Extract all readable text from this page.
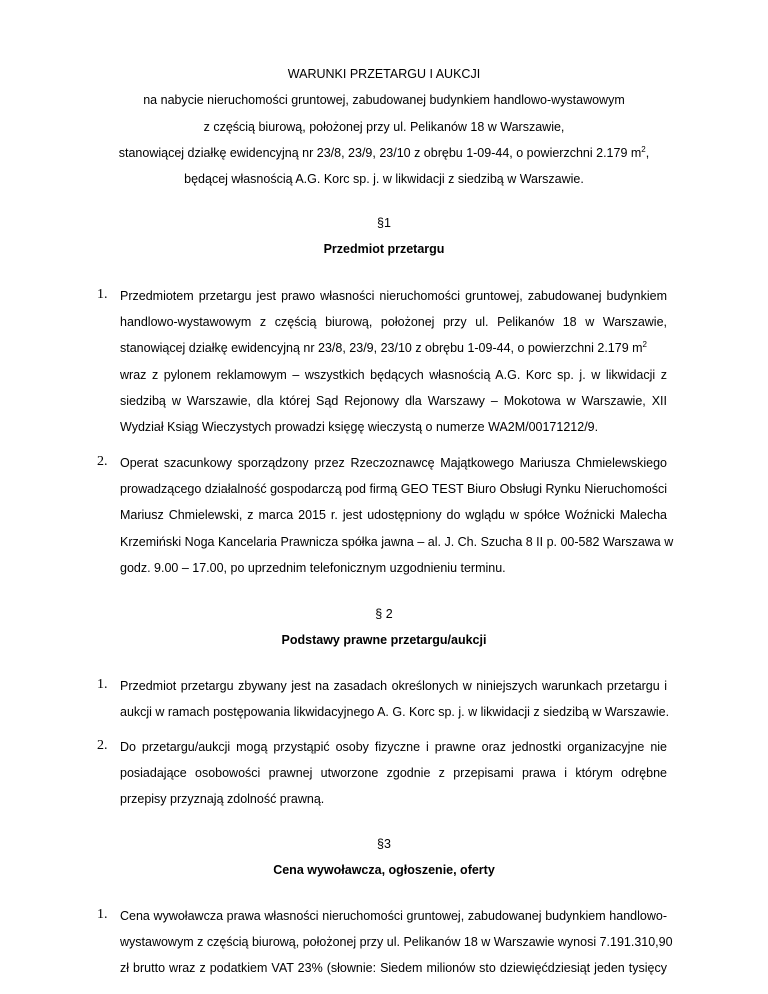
WARUNKI PRZETARGU I AUKCJI
na nabycie nieruchomości gruntowej, zabudowanej budynkiem handlowo-wystawowym
z częścią biurową, położonej przy ul. Pelikanów 18 w Warszawie,
stanowiącej działkę ewidencyjną nr 23/8, 23/9, 23/10 z obrębu 1-09-44, o powierzchni 2.179 $m^2$,
będącej własnością A.G. Korc sp. j. w likwidacji z siedzibą w Warszawie.
§1
Przedmiot przetargu
1. Przedmiotem przetargu jest prawo własności nieruchomości gruntowej, zabudowanej budynkiem
handlowo-wystawowym z częścią biurową, położonej przy ul. Pelikanów 18 w Warszawie,
stanowiącej działkę ewidencyjną nr 23/8, 23/9, 23/10 z obrębu 1-09-44, o powierzchni 2.179 $m^2$
wraz z pylonem reklamowym – wszystkich będących własnością A.G. Korc sp. j. w likwidacji z
siedzibą w Warszawie, dla której Sąd Rejonowy dla Warszawy – Mokotowa w Warszawie, XII
Wydział Ksiąg Wieczystych prowadzi księgę wieczystą o numerze WA2M/00171212/9.
2. Operat szacunkowy sporządzony przez Rzeczoznawcę Majątkowego Mariusza Chmielewskiego
prowadzącego działalność gospodarczą pod firmą GEO TEST Biuro Obsługi Rynku Nieruchomości
Mariusz Chmielewski, z marca 2015 r. jest udostępniony do wglądu w spółce Woźnicki Malecha
Krzemiński Noga Kancelaria Prawnicza spółka jawna – al. J. Ch. Szucha 8 II p. 00-582 Warszawa w
godz. 9.00 – 17.00, po uprzednim telefonicznym uzgodnieniu terminu.
§ 2
Podstawy prawne przetargu/aukcji
1. Przedmiot przetargu zbywany jest na zasadach określonych w niniejszych warunkach przetargu i
aukcji w ramach postępowania likwidacyjnego A. G. Korc sp. j. w likwidacji z siedzibą w Warszawie.
2. Do przetargu/aukcji mogą przystąpić osoby fizyczne i prawne oraz jednostki organizacyjne nie
posiadające osobowości prawnej utworzone zgodnie z przepisami prawa i którym odrębne
przepisy przyznają zdolność prawną.
§3
Cena wywoławcza, ogłoszenie, oferty
1. Cena wywoławcza prawa własności nieruchomości gruntowej, zabudowanej budynkiem handlowo-
wystawowym z częścią biurową, położonej przy ul. Pelikanów 18 w Warszawie wynosi 7.191.310,90
zł brutto wraz z podatkiem VAT 23% (słownie: Siedem milionów sto dziewięćdziesiąt jeden tysięcy
